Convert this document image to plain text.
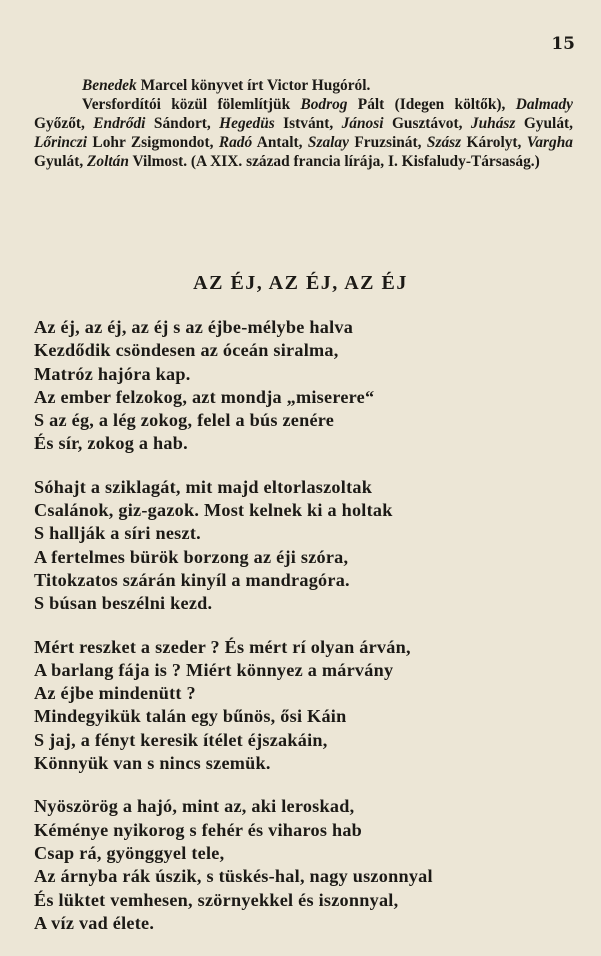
15

Benedek Marcel könyvet írt Victor Hugóról.

Versfordítói közül fölemlítjük Bodrog Pált (Idegen költők), Dalmady Győzőt, Endrődi Sándort, Hegedüs Istvánt, Jánosi Gusztávot, Juhász Gyulát, Lőrinczi Lohr Zsigmondot, Radó Antalt, Szalay Fruzsinát, Szász Károlyt, Vargha Gyulát, Zoltán Vilmost. (A XIX. század francia lírája, I. Kisfaludy-Társaság.)

AZ ÉJ, AZ ÉJ, AZ ÉJ
Az éj, az éj, az éj s az éjbe-mélybe halva
Kezdődik csöndesen az óceán siralma,
Matróz hajóra kap.
Az ember felzokog, azt mondja „miserere“
S az ég, a lég zokog, felel a bús zenére
És sír, zokog a hab.
Sóhajt a sziklagát, mit majd eltorlaszoltak
Csalánok, giz-gazok. Most kelnek ki a holtak
S hallják a síri neszt.
A fertelmes bürök borzong az éji szóra,
Titokzatos szárán kinyíl a mandragóra.
S búsan beszélni kezd.
Mért reszket a szeder ? És mért rí olyan árván,
A barlang fája is ? Miért könnyez a márvány
Az éjbe mindenütt ?
Mindegyikük talán egy bűnös, ősi Káin
S jaj, a fényt keresik ítélet éjszakáin,
Könnyük van s nincs szemük.
Nyöszörög a hajó, mint az, aki leroskad,
Kéménye nyikorog s fehér és viharos hab
Csap rá, gyönggyel tele,
Az árnyba rák úszik, s tüskés-hal, nagy uszonnyal
És lüktet vemhesen, szörnyekkel és iszonnyal,
A víz vad élete.
